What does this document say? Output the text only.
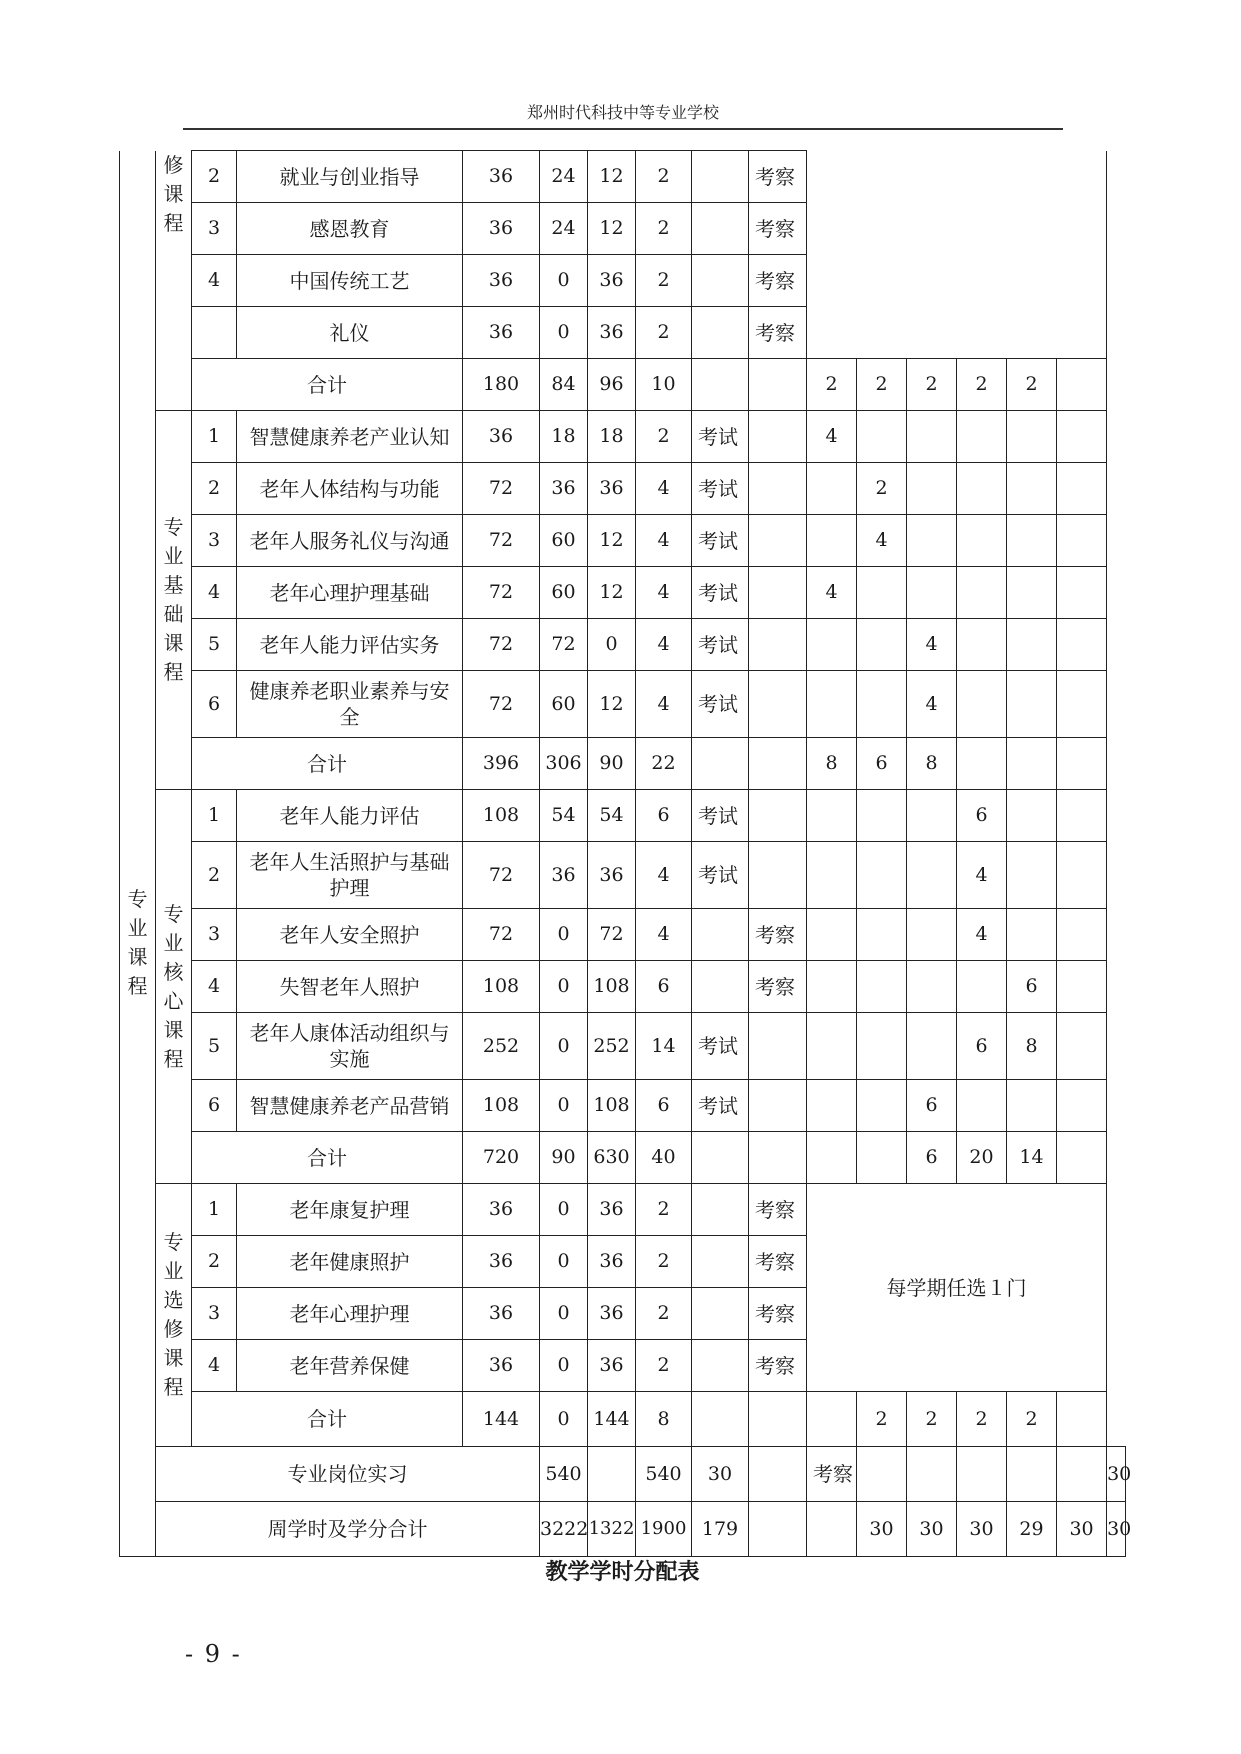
郑州时代科技中等专业学校
	修课程	2	就业与创业指导	36	24	12	2		考察							
		3	感恩教育	36	24	12	2		考察							
		4	中国传统工艺	36	0	36	2		考察							
			礼仪	36	0	36	2		考察							
		合计		180	84	96	10			2	2	2	2	2		

专业课程	专业基础课程	1	智慧健康养老产业认知	36	18	18	2	考试		4						
		2	老年人体结构与功能	72	36	36	4	考试			2					
		3	老年人服务礼仪与沟通	72	60	12	4	考试			4					
		4	老年心理护理基础	72	60	12	4	考试		4						
		5	老年人能力评估实务	72	72	0	4	考试				4				
		6	健康养老职业素养与安全	72	60	12	4	考试				4				
		合计		396	306	90	22			8	6	8				
	专业核心课程	1	老年人能力评估	108	54	54	6	考试					6			
		2	老年人生活照护与基础护理	72	36	36	4	考试					4			
		3	老年人安全照护	72	0	72	4		考察				4			
		4	失智老年人照护	108	0	108	6		考察					6		
		5	老年人康体活动组织与实施	252	0	252	14	考试					6	8		
		6	智慧健康养老产品营销	108	0	108	6	考试				6				
		合计		720	90	630	40					6	20	14		
	专业选修课程	1	老年康复护理	36	0	36	2		考察	每学期任选１门						
		2	老年健康照护	36	0	36	2		考察							
		3	老年心理护理	36	0	36	2		考察							
		4	老年营养保健	36	0	36	2		考察							
		合计		144	0	144	8				2	2	2	2		
	专业岗位实习				540		540	30		考察						30
	周学时及学分合计				3222	1322	1900	179			30	30	30	29	30	30
教学学时分配表
- 9 -
